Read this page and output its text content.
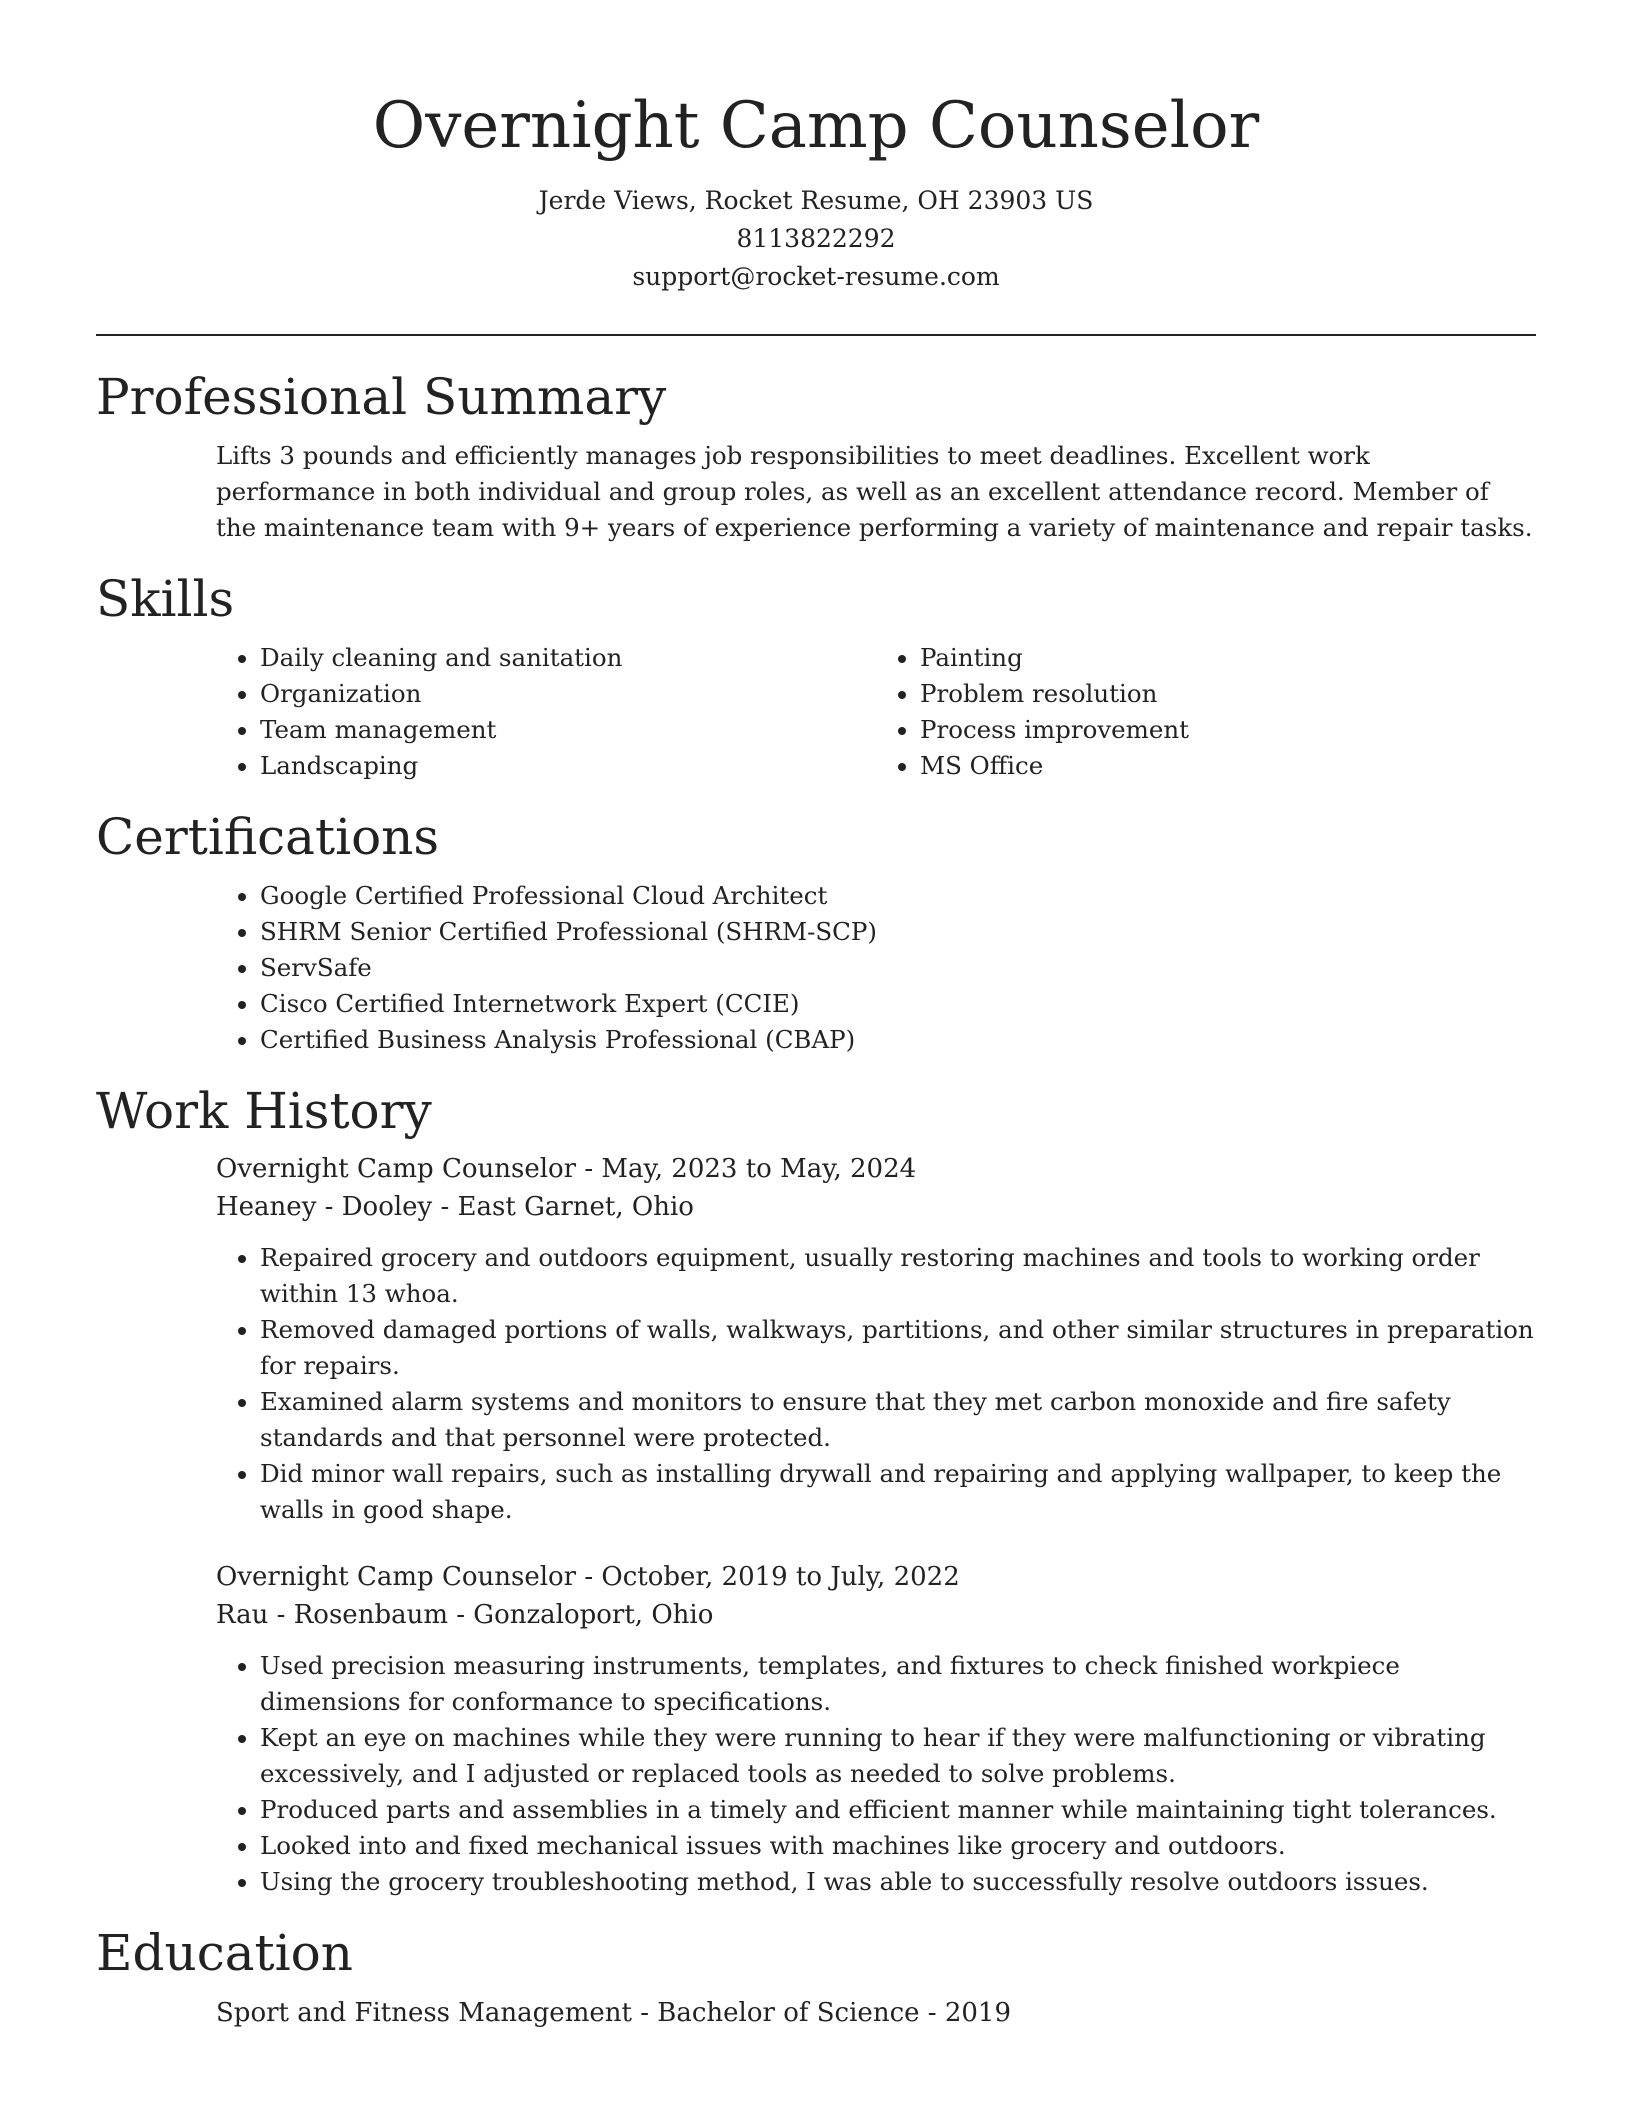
Overnight Camp Counselor
Jerde Views, Rocket Resume, OH 23903 US
8113822292
support@rocket-resume.com
Professional Summary

Lifts 3 pounds and efficiently manages job responsibilities to meet deadlines. Excellent work performance in both individual and group roles, as well as an excellent attendance record. Member of the maintenance team with 9+ years of experience performing a variety of maintenance and repair tasks.

Skills
• Daily cleaning and sanitation
• Organization
• Team management
• Landscaping
• Painting
• Problem resolution
• Process improvement
• MS Office
Certifications
• Google Certified Professional Cloud Architect
• SHRM Senior Certified Professional (SHRM-SCP)
• ServSafe
• Cisco Certified Internetwork Expert (CCIE)
• Certified Business Analysis Professional (CBAP)
Work History
Overnight Camp Counselor - May, 2023 to May, 2024
Heaney - Dooley - East Garnet, Ohio
• Repaired grocery and outdoors equipment, usually restoring machines and tools to working order within 13 whoa.
• Removed damaged portions of walls, walkways, partitions, and other similar structures in preparation for repairs.
• Examined alarm systems and monitors to ensure that they met carbon monoxide and fire safety standards and that personnel were protected.
• Did minor wall repairs, such as installing drywall and repairing and applying wallpaper, to keep the walls in good shape.
Overnight Camp Counselor - October, 2019 to July, 2022
Rau - Rosenbaum - Gonzaloport, Ohio
• Used precision measuring instruments, templates, and fixtures to check finished workpiece dimensions for conformance to specifications.
• Kept an eye on machines while they were running to hear if they were malfunctioning or vibrating excessively, and I adjusted or replaced tools as needed to solve problems.
• Produced parts and assemblies in a timely and efficient manner while maintaining tight tolerances.
• Looked into and fixed mechanical issues with machines like grocery and outdoors.
• Using the grocery troubleshooting method, I was able to successfully resolve outdoors issues.
Education
Sport and Fitness Management - Bachelor of Science - 2019
